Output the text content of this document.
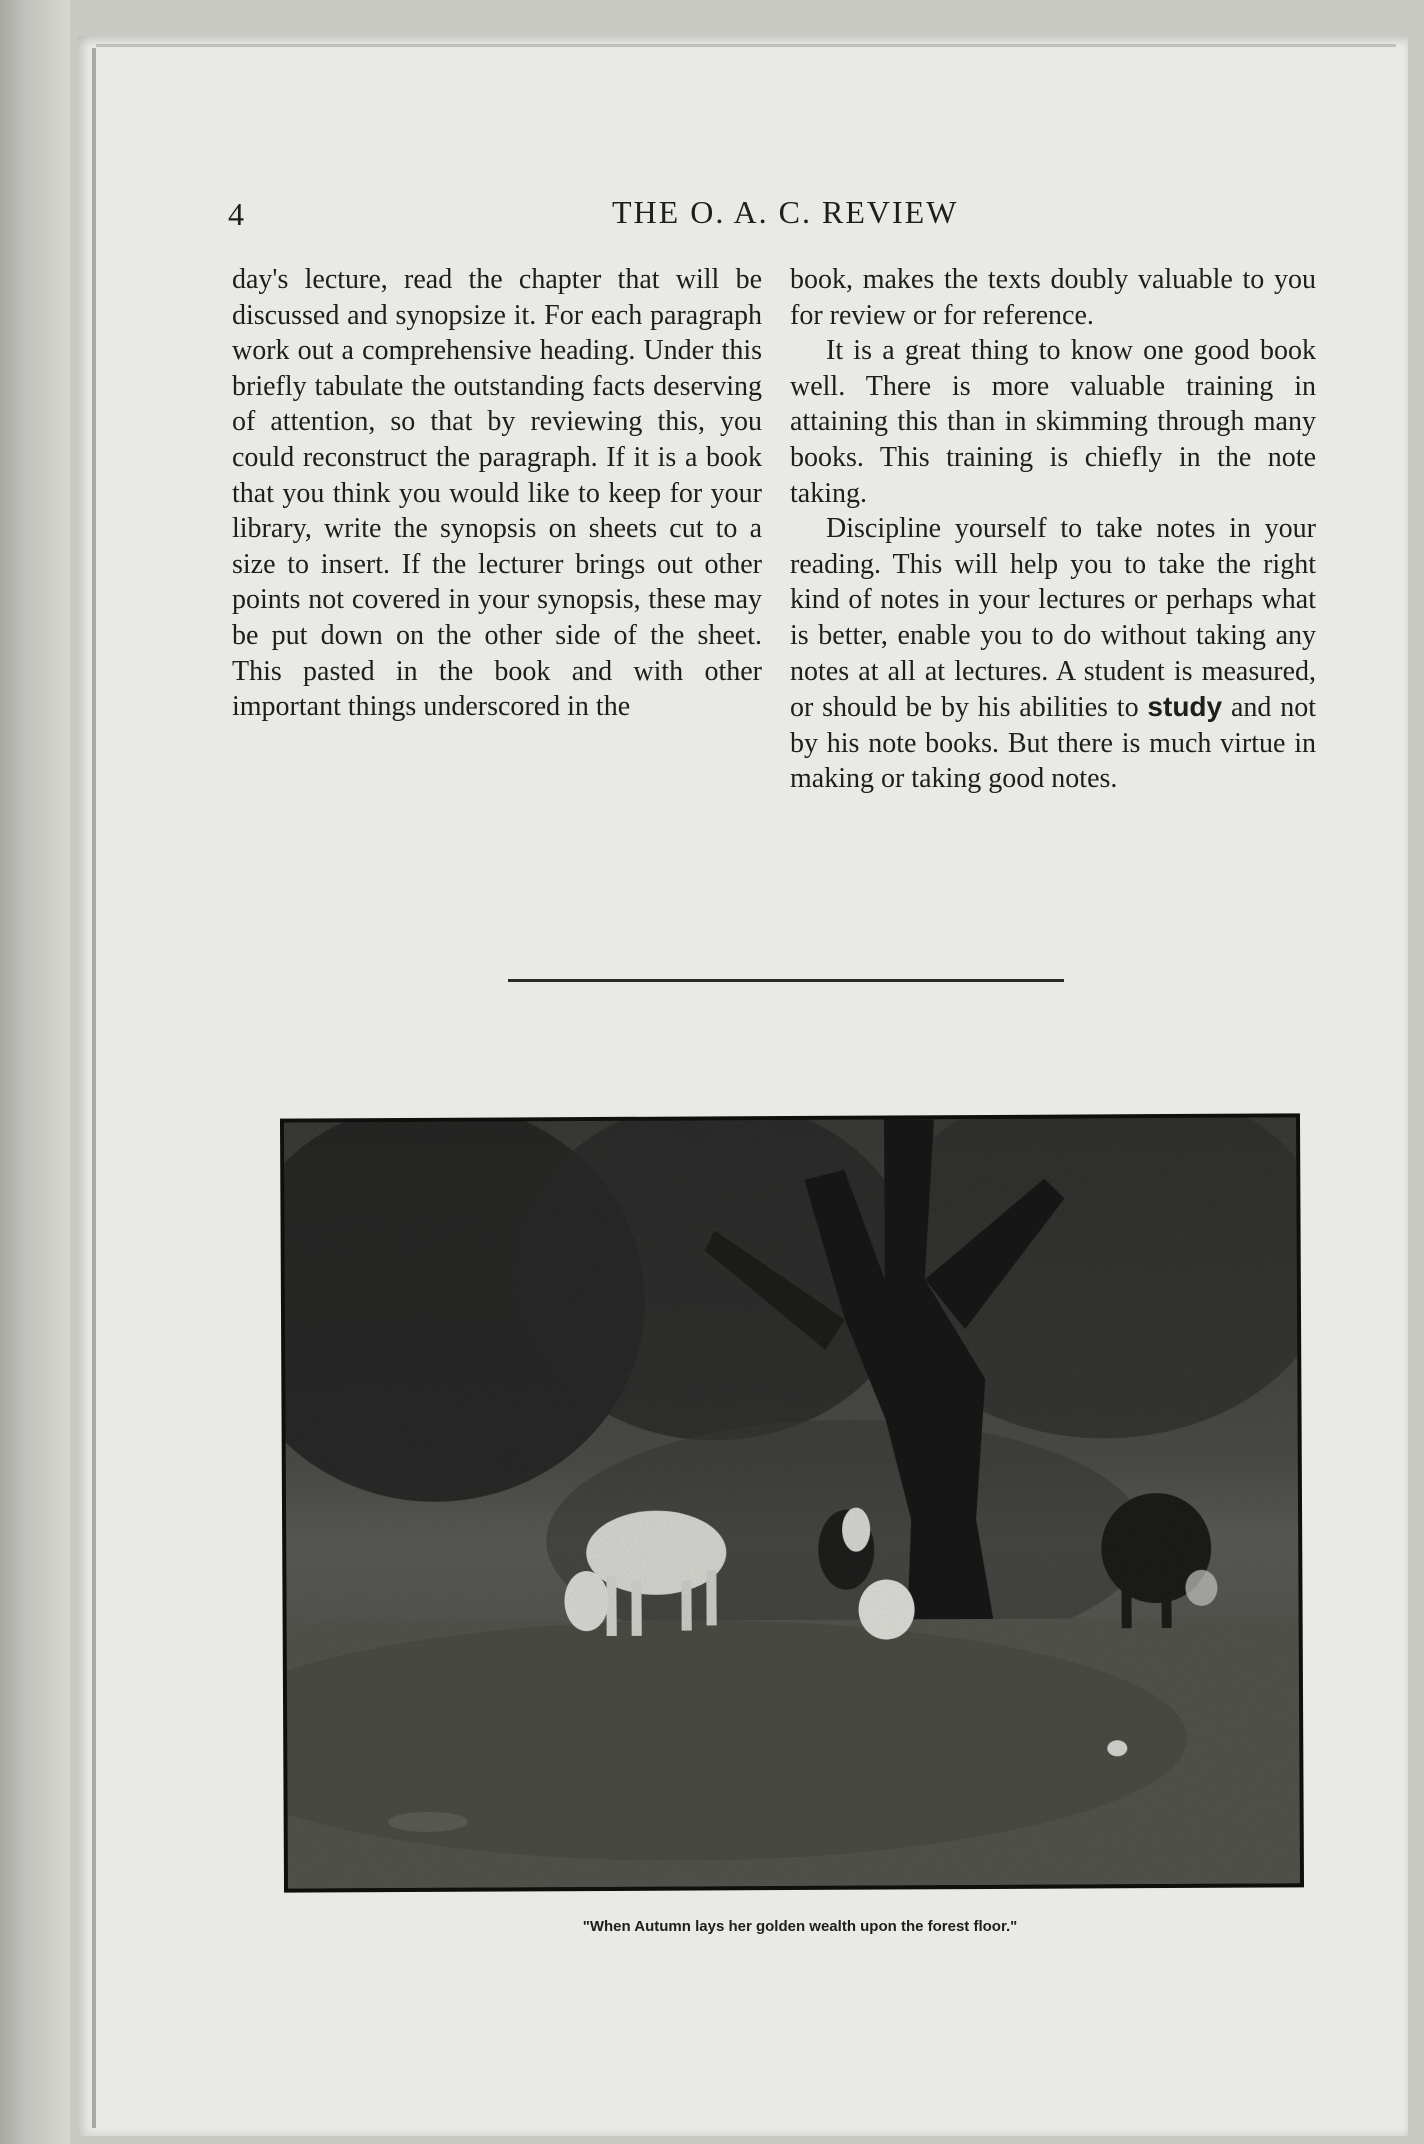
4	THE O. A. C. REVIEW

day's lecture, read the chapter that will be discussed and synopsize it. For each paragraph work out a comprehensive heading. Under this briefly tabulate the outstanding facts deserving of attention, so that by reviewing this, you could reconstruct the paragraph. If it is a book that you think you would like to keep for your library, write the synopsis on sheets cut to a size to insert. If the lecturer brings out other points not covered in your synopsis, these may be put down on the other side of the sheet. This pasted in the book and with other important things underscored in the

book, makes the texts doubly valuable to you for review or for reference.

It is a great thing to know one good book well. There is more valuable training in attaining this than in skimming through many books. This training is chiefly in the note taking.

Discipline yourself to take notes in your reading. This will help you to take the right kind of notes in your lectures or perhaps what is better, enable you to do without taking any notes at all at lectures. A student is measured, or should be by his abilities to study and not by his note books. But there is much virtue in making or taking good notes.

"When Autumn lays her golden wealth upon the forest floor."
